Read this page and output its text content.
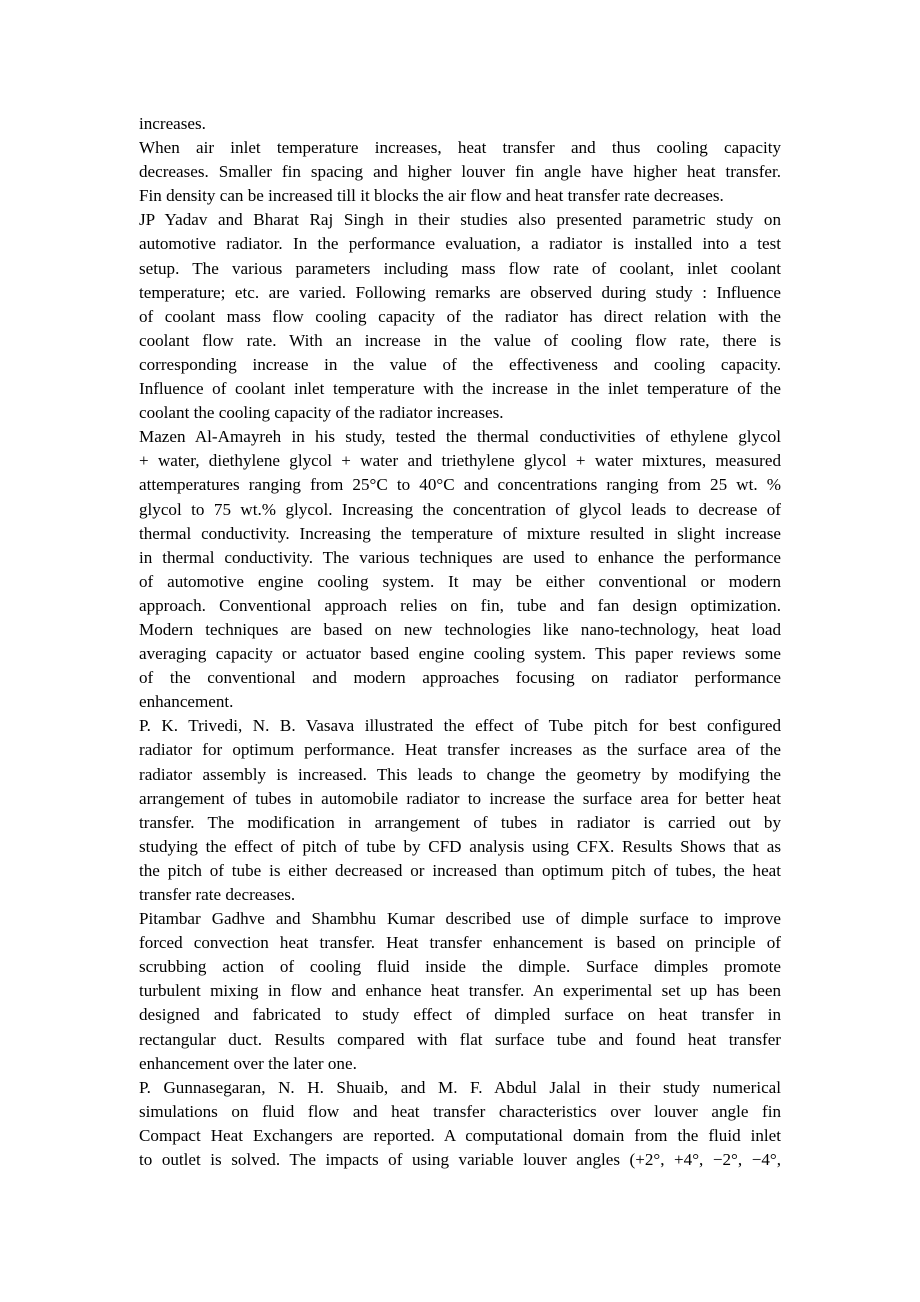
increases.
When air inlet temperature increases, heat transfer and thus cooling capacity
decreases. Smaller fin spacing and higher louver fin angle have higher heat transfer.
Fin density can be increased till it blocks the air flow and heat transfer rate decreases.
JP Yadav and Bharat Raj Singh in their studies also presented parametric study on
automotive radiator. In the performance evaluation, a radiator is installed into a test
setup. The various parameters including mass flow rate of coolant, inlet coolant
temperature; etc. are varied. Following remarks are observed during study : Influence
of coolant mass flow cooling capacity of the radiator has direct relation with the
coolant flow rate. With an increase in the value of cooling flow rate, there is
corresponding increase in the value of the effectiveness and cooling capacity.
Influence of coolant inlet temperature with the increase in the inlet temperature of the
coolant the cooling capacity of the radiator increases.
Mazen Al-Amayreh in his study, tested the thermal conductivities of ethylene glycol
+ water, diethylene glycol + water and triethylene glycol + water mixtures, measured
attemperatures ranging from 25°C to 40°C and concentrations ranging from 25 wt. %
glycol to 75 wt.% glycol. Increasing the concentration of glycol leads to decrease of
thermal conductivity. Increasing the temperature of mixture resulted in slight increase
in thermal conductivity. The various techniques are used to enhance the performance
of automotive engine cooling system. It may be either conventional or modern
approach. Conventional approach relies on fin, tube and fan design optimization.
Modern techniques are based on new technologies like nano-technology, heat load
averaging capacity or actuator based engine cooling system. This paper reviews some
of the conventional and modern approaches focusing on radiator performance
enhancement.
P. K. Trivedi, N. B. Vasava illustrated the effect of Tube pitch for best configured
radiator for optimum performance. Heat transfer increases as the surface area of the
radiator assembly is increased. This leads to change the geometry by modifying the
arrangement of tubes in automobile radiator to increase the surface area for better heat
transfer. The modification in arrangement of tubes in radiator is carried out by
studying the effect of pitch of tube by CFD analysis using CFX. Results Shows that as
the pitch of tube is either decreased or increased than optimum pitch of tubes, the heat
transfer rate decreases.
Pitambar Gadhve and Shambhu Kumar described use of dimple surface to improve
forced convection heat transfer. Heat transfer enhancement is based on principle of
scrubbing action of cooling fluid inside the dimple. Surface dimples promote
turbulent mixing in flow and enhance heat transfer. An experimental set up has been
designed and fabricated to study effect of dimpled surface on heat transfer in
rectangular duct. Results compared with flat surface tube and found heat transfer
enhancement over the later one.
P. Gunnasegaran, N. H. Shuaib, and M. F. Abdul Jalal in their study numerical
simulations on fluid flow and heat transfer characteristics over louver angle fin
Compact Heat Exchangers are reported. A computational domain from the fluid inlet
to outlet is solved. The impacts of using variable louver angles (+2°, +4°, −2°, −4°,
